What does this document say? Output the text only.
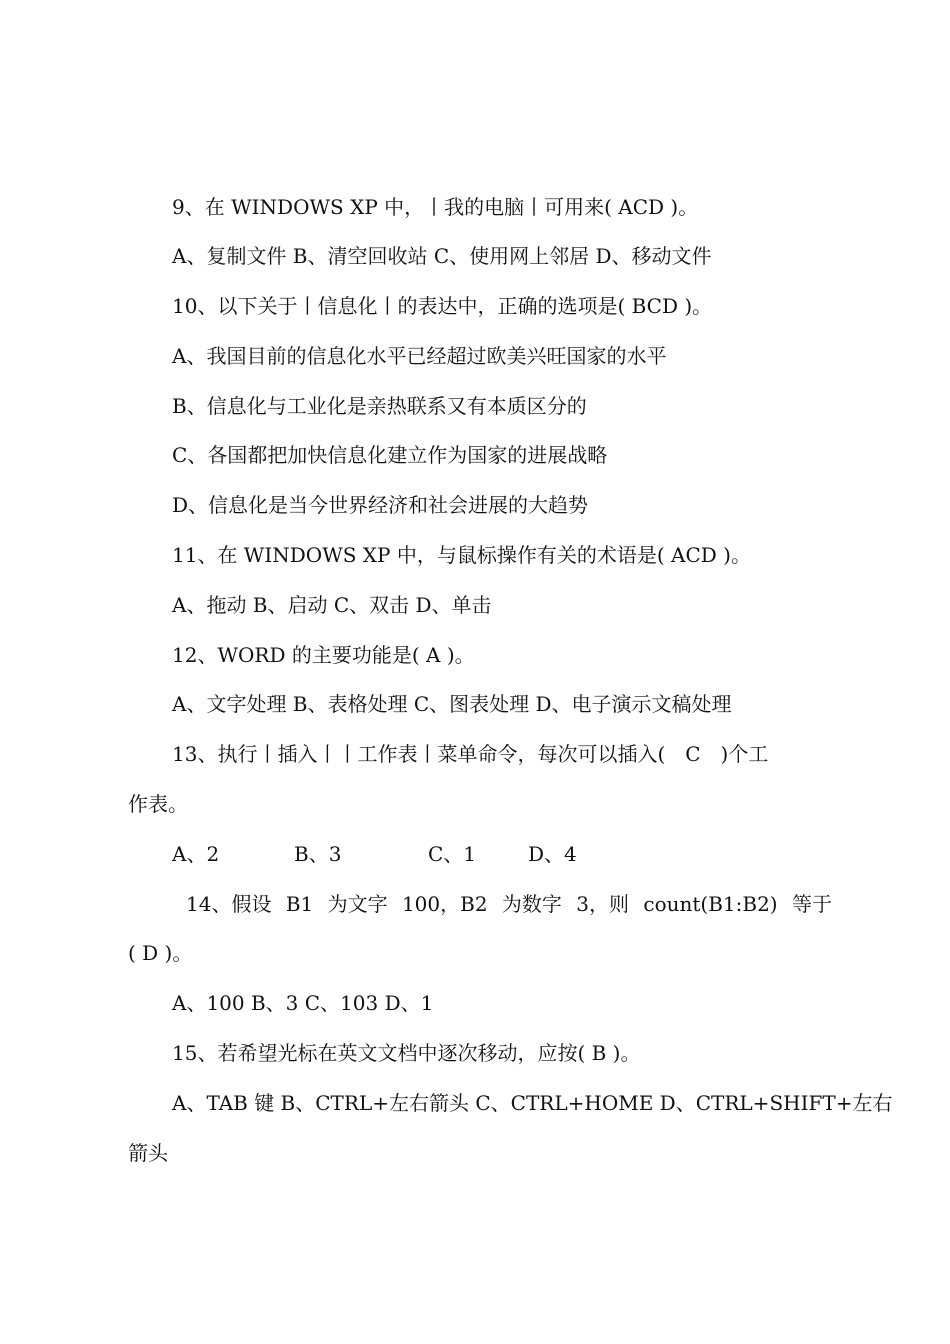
9、在 WINDOWS XP 中，丨我的电脑丨可用来( ACD )。
A、复制文件 B、清空回收站 C、使用网上邻居 D、移动文件
10、以下关于丨信息化丨的表达中，正确的选项是( BCD )。
A、我国目前的信息化水平已经超过欧美兴旺国家的水平
B、信息化与工业化是亲热联系又有本质区分的
C、各国都把加快信息化建立作为国家的进展战略
D、信息化是当今世界经济和社会进展的大趋势
11、在 WINDOWS XP 中，与鼠标操作有关的术语是( ACD )。
A、拖动 B、启动 C、双击 D、单击
12、WORD 的主要功能是( A )。
A、文字处理 B、表格处理 C、图表处理 D、电子演示文稿处理
13、执行丨插入丨丨工作表丨菜单命令，每次可以插入(　C　)个工
作表。
A、2	B、3	C、1	D、4
14、假设 B1 为文字 100，B2 为数字 3，则 count(B1:B2) 等于
( D )。
A、100 B、3 C、103 D、1
15、若希望光标在英文文档中逐次移动，应按( B )。
A、 TAB 键 B、CTRL+左右箭头 C、CTRL+HOME D、CTRL+SHIFT+左右
箭头
